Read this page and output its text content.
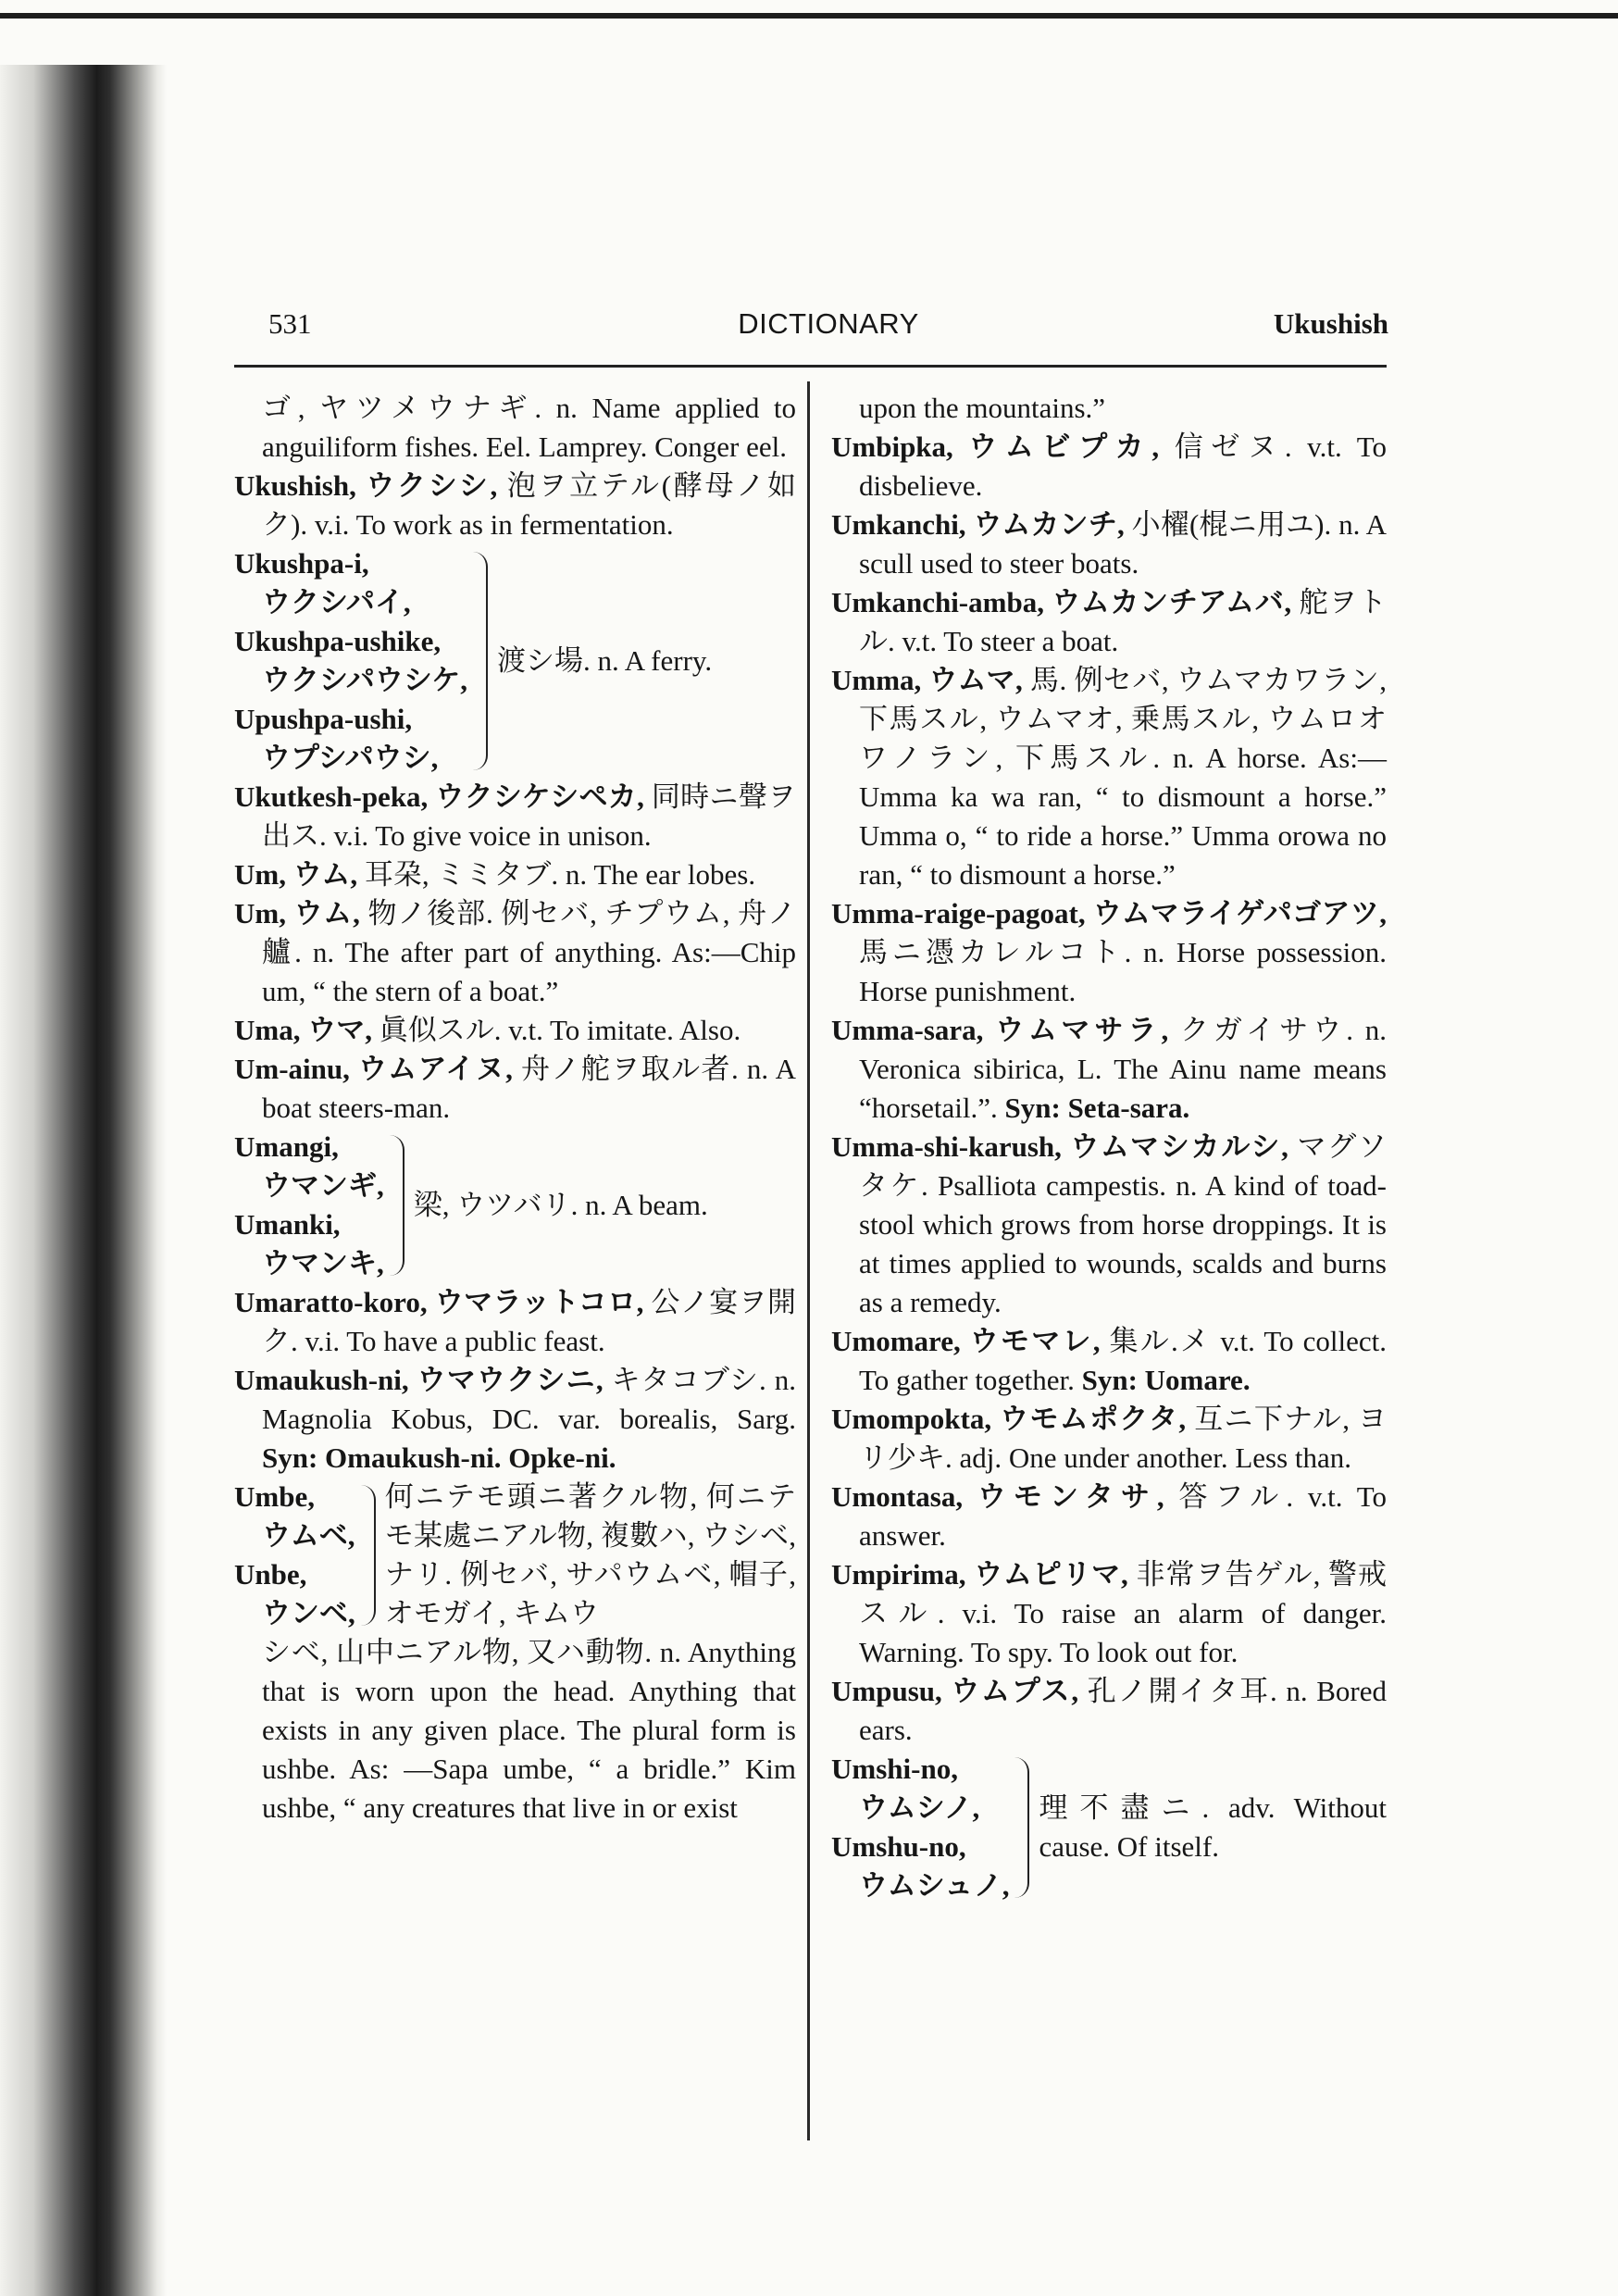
531	DICTIONARY	Ukushish

ゴ, ヤツメウナギ. n. Name applied to anguiliform fishes. Eel. Lamprey. Conger eel.

Ukushish, ウクシシ, 泡ヲ立テル(酵母ノ如ク). v.i. To work as in fermentation.

Ukushpa-i,
ウクシパイ,
Ukushpa-ushike,
ウクシパウシケ,
Upushpa-ushi,
ウプシパウシ,
渡シ場. n. A ferry.

Ukutkesh-peka, ウクシケシペカ, 同時ニ聲ヲ出ス. v.i. To give voice in unison.

Um, ウム, 耳朶, ミミタブ. n. The ear lobes.

Um, ウム, 物ノ後部. 例セバ, チプウム, 舟ノ艫. n. The after part of anything. As:—Chip um, “ the stern of a boat.”

Uma, ウマ, 眞似スル. v.t. To imitate. Also.

Um-ainu, ウムアイヌ, 舟ノ舵ヲ取ル者. n. A boat steers-man.

Umangi,
ウマンギ,
Umanki,
ウマンキ,
梁, ウツバリ. n. A beam.

Umaratto-koro, ウマラットコロ, 公ノ宴ヲ開ク. v.i. To have a public feast.

Umaukush-ni, ウマウクシニ, キタコブシ. n. Magnolia Kobus, DC. var. borealis, Sarg. Syn: Omaukush-ni. Opke-ni.

Umbe,
ウムベ,
Unbe,
ウンベ,
何ニテモ頭ニ著クル物, 何ニテモ某處ニアル物, 複數ハ, ウシベ, ナリ. 例セバ, サパウムベ, 帽子, オモガイ, キムウ

シベ, 山中ニアル物, 又ハ動物. n. Anything that is worn upon the head. Anything that exists in any given place. The plural form is ushbe. As: —Sapa umbe, “ a bridle.” Kim ushbe, “ any creatures that live in or exist

upon the mountains.”

Umbipka, ウムビプカ, 信ゼヌ. v.t. To disbelieve.

Umkanchi, ウムカンチ, 小櫂(棍ニ用ユ). n. A scull used to steer boats.

Umkanchi-amba, ウムカンチアムバ, 舵ヲトル. v.t. To steer a boat.

Umma, ウムマ, 馬. 例セバ, ウムマカワラン, 下馬スル, ウムマオ, 乗馬スル, ウムロオワノラン, 下馬スル. n. A horse. As:—Umma ka wa ran, “ to dismount a horse.” Umma o, “ to ride a horse.” Umma orowa no ran, “ to dismount a horse.”

Umma-raige-pagoat, ウムマライゲパゴアツ, 馬ニ憑カレルコト. n. Horse possession. Horse punishment.

Umma-sara, ウムマサラ, クガイサウ. n. Veronica sibirica, L. The Ainu name means “horsetail.”. Syn: Seta-sara.

Umma-shi-karush, ウムマシカルシ, マグソタケ. Psalliota campestis. n. A kind of toad-stool which grows from horse droppings. It is at times applied to wounds, scalds and burns as a remedy.

Umomare, ウモマレ, 集ル.メ v.t. To collect. To gather together. Syn: Uomare.

Umompokta, ウモムポクタ, 互ニ下ナル, ヨリ少キ. adj. One under another. Less than.

Umontasa, ウモンタサ, 答フル. v.t. To answer.

Umpirima, ウムピリマ, 非常ヲ告ゲル, 警戒スル. v.i. To raise an alarm of danger. Warning. To spy. To look out for.

Umpusu, ウムプス, 孔ノ開イタ耳. n. Bored ears.

Umshi-no,
ウムシノ,
Umshu-no,
ウムシュノ,
理不盡ニ. adv. Without cause. Of itself.
